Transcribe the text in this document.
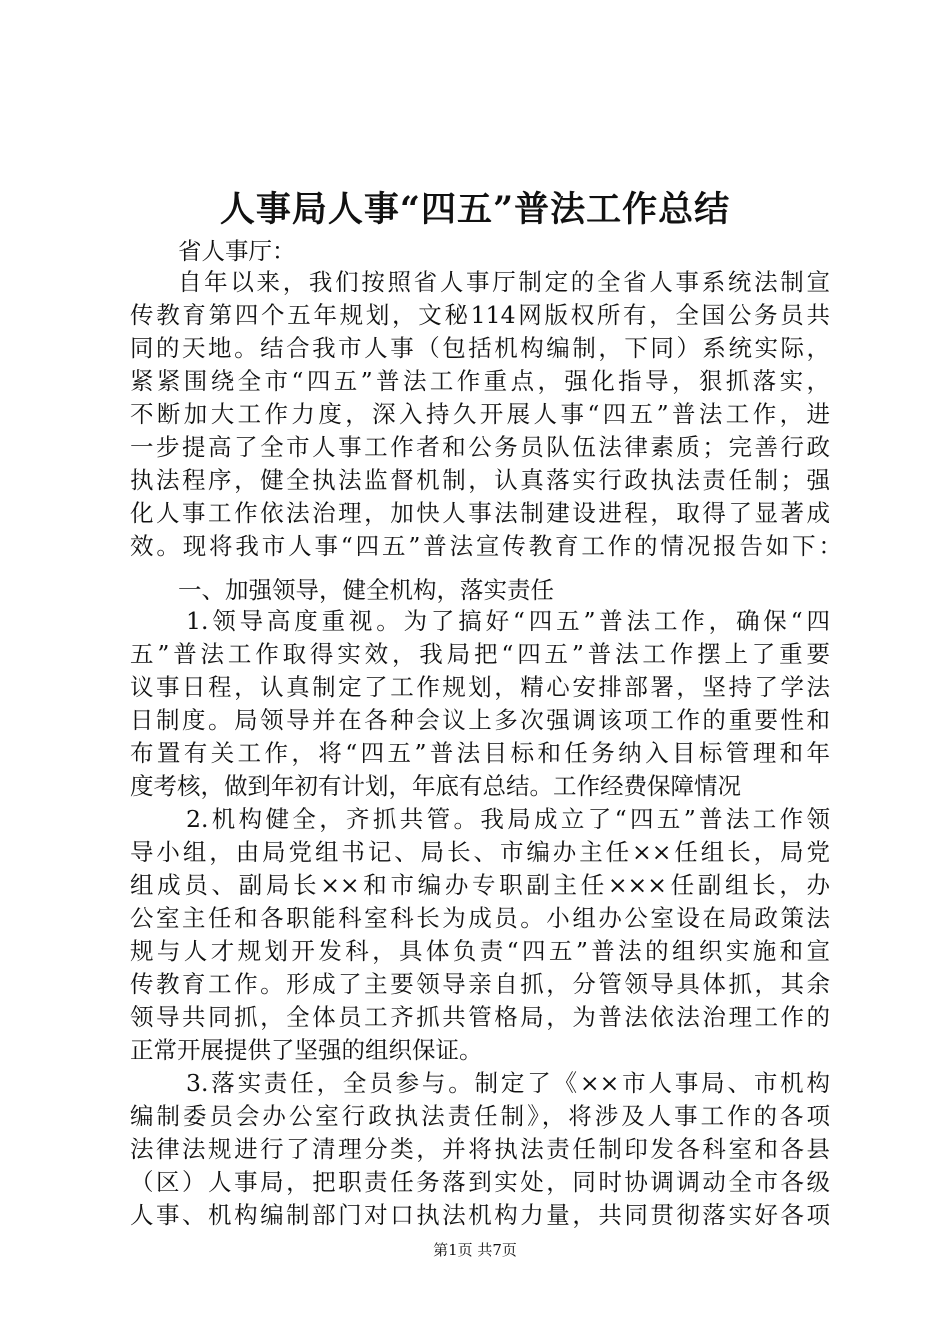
人事局人事“四五”普法工作总结
省人事厅：
自年以来，我们按照省人事厅制定的全省人事系统法制宣
传教育第四个五年规划，文秘114网版权所有，全国公务员共
同的天地。结合我市人事（包括机构编制，下同）系统实际，
紧紧围绕全市“四五”普法工作重点，强化指导，狠抓落实，
不断加大工作力度，深入持久开展人事“四五”普法工作，进
一步提高了全市人事工作者和公务员队伍法律素质；完善行政
执法程序，健全执法监督机制，认真落实行政执法责任制；强
化人事工作依法治理，加快人事法制建设进程，取得了显著成
效。现将我市人事“四五”普法宣传教育工作的情况报告如下：
一、加强领导，健全机构，落实责任
1.领导高度重视。为了搞好“四五”普法工作，确保“四
五”普法工作取得实效，我局把“四五”普法工作摆上了重要
议事日程，认真制定了工作规划，精心安排部署，坚持了学法
日制度。局领导并在各种会议上多次强调该项工作的重要性和
布置有关工作，将“四五”普法目标和任务纳入目标管理和年
度考核，做到年初有计划，年底有总结。工作经费保障情况
2.机构健全，齐抓共管。我局成立了“四五”普法工作领
导小组，由局党组书记、局长、市编办主任××任组长，局党
组成员、副局长××和市编办专职副主任×××任副组长，办
公室主任和各职能科室科长为成员。小组办公室设在局政策法
规与人才规划开发科，具体负责“四五”普法的组织实施和宣
传教育工作。形成了主要领导亲自抓，分管领导具体抓，其余
领导共同抓，全体员工齐抓共管格局，为普法依法治理工作的
正常开展提供了坚强的组织保证。
3.落实责任，全员参与。制定了《××市人事局、市机构
编制委员会办公室行政执法责任制》，将涉及人事工作的各项
法律法规进行了清理分类，并将执法责任制印发各科室和各县
（区）人事局，把职责任务落到实处，同时协调调动全市各级
人事、机构编制部门对口执法机构力量，共同贯彻落实好各项
第1页 共7页
